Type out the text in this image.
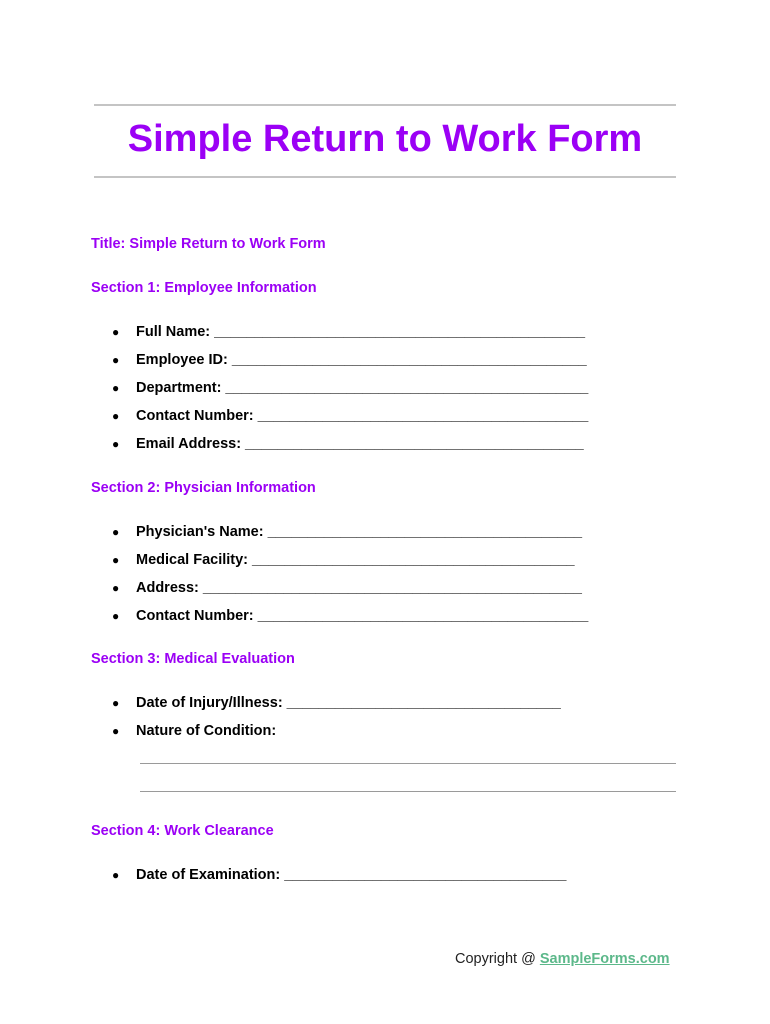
Simple Return to Work Form
Title: Simple Return to Work Form
Section 1: Employee Information
● Full Name: ______________________________________________
● Employee ID: ____________________________________________
● Department: _____________________________________________
● Contact Number: _________________________________________
● Email Address: __________________________________________
Section 2: Physician Information
● Physician's Name: _______________________________________
● Medical Facility: ________________________________________
● Address: _______________________________________________
● Contact Number: _________________________________________
Section 3: Medical Evaluation
● Date of Injury/Illness: __________________________________
● Nature of Condition:
Section 4: Work Clearance
● Date of Examination: ___________________________________
Copyright @ SampleForms.com
